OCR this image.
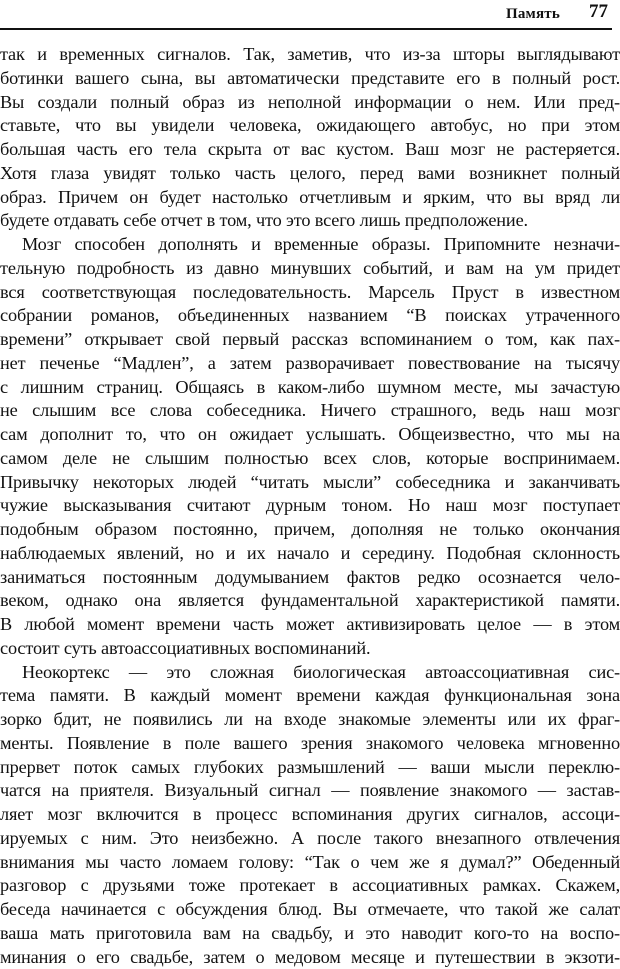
Память 77
так и временных сигналов. Так, заметив, что из-за шторы выглядывают
ботинки вашего сына, вы автоматически представите его в полный рост.
Вы создали полный образ из неполной информации о нем. Или пред-
ставьте, что вы увидели человека, ожидающего автобус, но при этом
большая часть его тела скрыта от вас кустом. Ваш мозг не растеряется.
Хотя глаза увидят только часть целого, перед вами возникнет полный
образ. Причем он будет настолько отчетливым и ярким, что вы вряд ли
будете отдавать себе отчет в том, что это всего лишь предположение.
Мозг способен дополнять и временные образы. Припомните незначи-
тельную подробность из давно минувших событий, и вам на ум придет
вся соответствующая последовательность. Марсель Пруст в известном
собрании романов, объединенных названием “В поисках утраченного
времени” открывает свой первый рассказ вспоминанием о том, как пах-
нет печенье “Мадлен”, а затем разворачивает повествование на тысячу
с лишним страниц. Общаясь в каком-либо шумном месте, мы зачастую
не слышим все слова собеседника. Ничего страшного, ведь наш мозг
сам дополнит то, что он ожидает услышать. Общеизвестно, что мы на
самом деле не слышим полностью всех слов, которые воспринимаем.
Привычку некоторых людей “читать мысли” собеседника и заканчивать
чужие высказывания считают дурным тоном. Но наш мозг поступает
подобным образом постоянно, причем, дополняя не только окончания
наблюдаемых явлений, но и их начало и середину. Подобная склонность
заниматься постоянным додумыванием фактов редко осознается чело-
веком, однако она является фундаментальной характеристикой памяти.
В любой момент времени часть может активизировать целое — в этом
состоит суть автоассоциативных воспоминаний.
Неокортекс — это сложная биологическая автоассоциативная сис-
тема памяти. В каждый момент времени каждая функциональная зона
зорко бдит, не появились ли на входе знакомые элементы или их фраг-
менты. Появление в поле вашего зрения знакомого человека мгновенно
прервет поток самых глубоких размышлений — ваши мысли переклю-
чатся на приятеля. Визуальный сигнал — появление знакомого — застав-
ляет мозг включится в процесс вспоминания других сигналов, ассоци-
ируемых с ним. Это неизбежно. А после такого внезапного отвлечения
внимания мы часто ломаем голову: “Так о чем же я думал?” Обеденный
разговор с друзьями тоже протекает в ассоциативных рамках. Скажем,
беседа начинается с обсуждения блюд. Вы отмечаете, что такой же салат
ваша мать приготовила вам на свадьбу, и это наводит кого-то на воспо-
минания о его свадьбе, затем о медовом месяце и путешествии в экзоти-
